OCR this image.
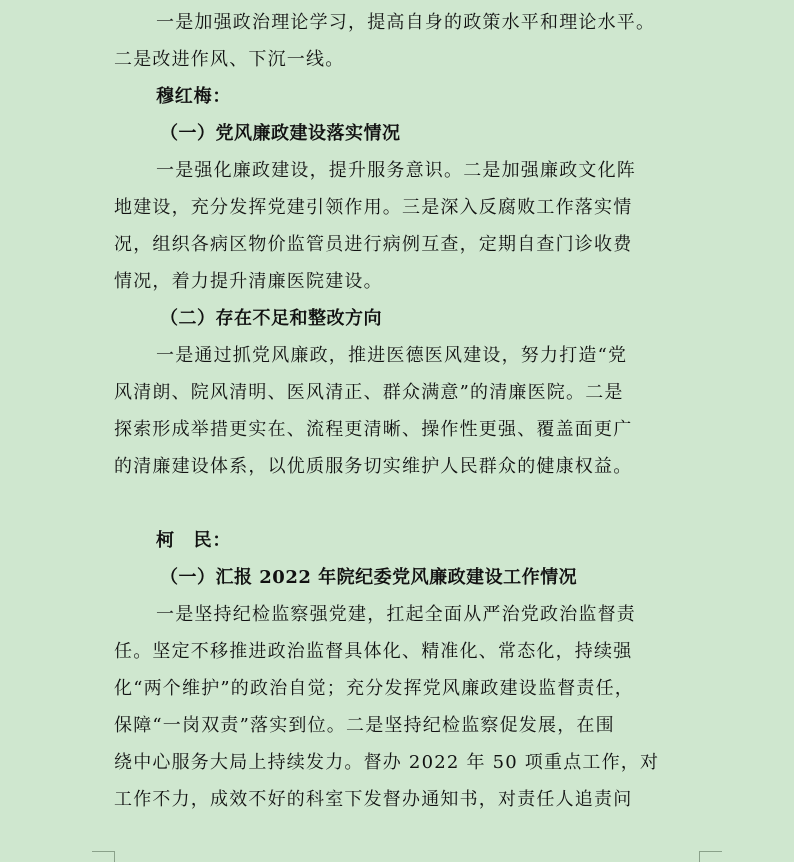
一是加强政治理论学习，提高自身的政策水平和理论水平。
二是改进作风、下沉一线。
穆红梅：
（一）党风廉政建设落实情况
一是强化廉政建设，提升服务意识。二是加强廉政文化阵
地建设，充分发挥党建引领作用。三是深入反腐败工作落实情
况，组织各病区物价监管员进行病例互查，定期自查门诊收费
情况，着力提升清廉医院建设。
（二）存在不足和整改方向
一是通过抓党风廉政，推进医德医风建设，努力打造“党
风清朗、院风清明、医风清正、群众满意”的清廉医院。二是
探索形成举措更实在、流程更清晰、操作性更强、覆盖面更广
的清廉建设体系，以优质服务切实维护人民群众的健康权益。
柯　民：
（一）汇报 2022 年院纪委党风廉政建设工作情况
一是坚持纪检监察强党建，扛起全面从严治党政治监督责
任。坚定不移推进政治监督具体化、精准化、常态化，持续强
化“两个维护”的政治自觉；充分发挥党风廉政建设监督责任，
保障“一岗双责”落实到位。二是坚持纪检监察促发展，在围
绕中心服务大局上持续发力。督办 2022 年 50 项重点工作，对
工作不力，成效不好的科室下发督办通知书，对责任人追责问
